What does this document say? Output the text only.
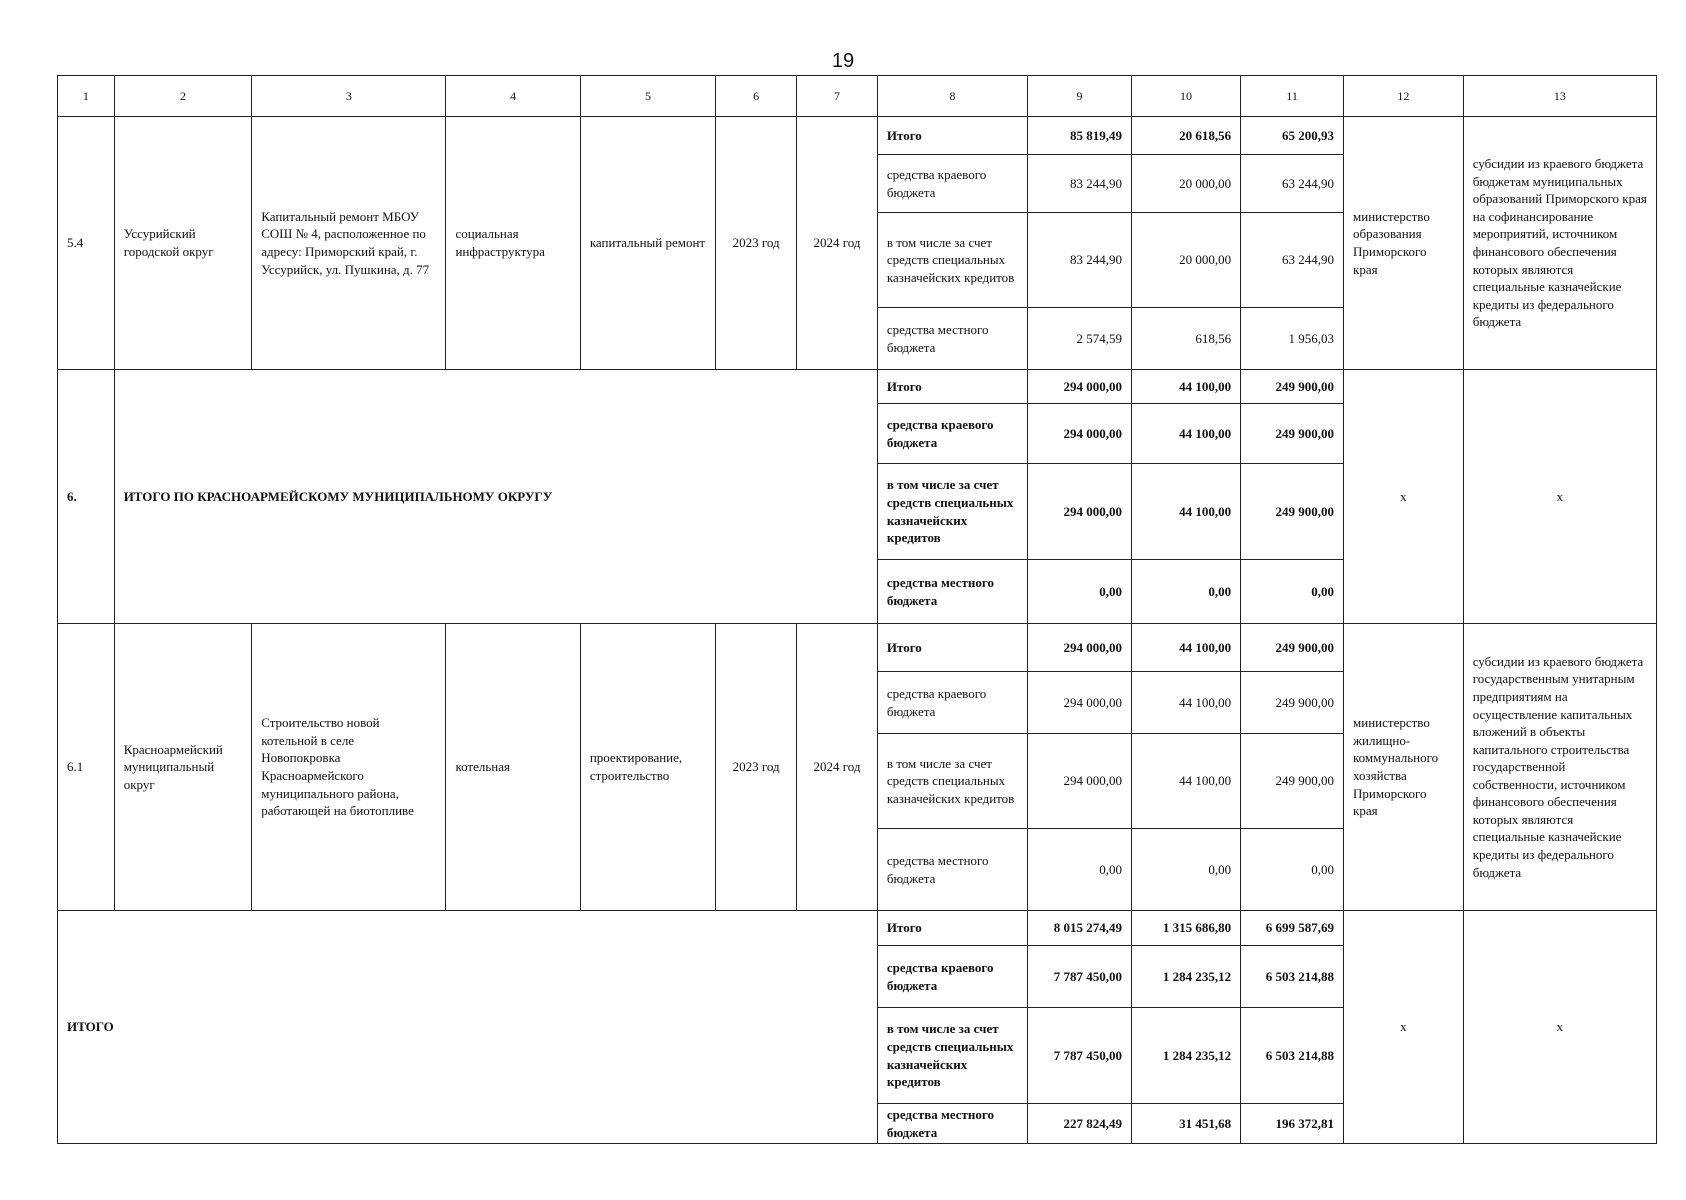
19
1	2	3	4	5	6	7	8	9	10	11	12	13
5.4	Уссурийский городской округ	Капитальный ремонт МБОУ СОШ № 4, расположенное по адресу: Приморский край, г. Уссурийск, ул. Пушкина, д. 77	социальная инфраструктура	капитальный ремонт	2023 год	2024 год	Итого	85 819,49	20 618,56	65 200,93	министерство образования Приморского края	субсидии из краевого бюджета бюджетам муниципальных образований Приморского края на софинансирование мероприятий, источником финансового обеспечения которых являются специальные казначейские кредиты из федерального бюджета
							средства краевого бюджета	83 244,90	20 000,00	63 244,90		
							в том числе за счет средств специальных казначейских кредитов	83 244,90	20 000,00	63 244,90		
							средства местного бюджета	2 574,59	618,56	1 956,03		
6.	ИТОГО ПО КРАСНОАРМЕЙСКОМУ МУНИЦИПАЛЬНОМУ ОКРУГУ						Итого	294 000,00	44 100,00	249 900,00	x	x
							средства краевого бюджета	294 000,00	44 100,00	249 900,00		
							в том числе за счет средств специальных казначейских кредитов	294 000,00	44 100,00	249 900,00		
							средства местного бюджета	0,00	0,00	0,00		
6.1	Красноармейский муниципальный округ	Строительство новой котельной в селе Новопокровка Красноармейского муниципального района, работающей на биотопливе	котельная	проектирование, строительство	2023 год	2024 год	Итого	294 000,00	44 100,00	249 900,00	министерство жилищно-коммунального хозяйства Приморского края	субсидии из краевого бюджета государственным унитарным предприятиям на осуществление капитальных вложений в объекты капитального строительства государственной собственности, источником финансового обеспечения которых являются специальные казначейские кредиты из федерального бюджета
							средства краевого бюджета	294 000,00	44 100,00	249 900,00		
							в том числе за счет средств специальных казначейских кредитов	294 000,00	44 100,00	249 900,00		
							средства местного бюджета	0,00	0,00	0,00		
ИТОГО							Итого	8 015 274,49	1 315 686,80	6 699 587,69	x	x
							средства краевого бюджета	7 787 450,00	1 284 235,12	6 503 214,88		
							в том числе за счет средств специальных казначейских кредитов	7 787 450,00	1 284 235,12	6 503 214,88		
							средства местного бюджета	227 824,49	31 451,68	196 372,81		
